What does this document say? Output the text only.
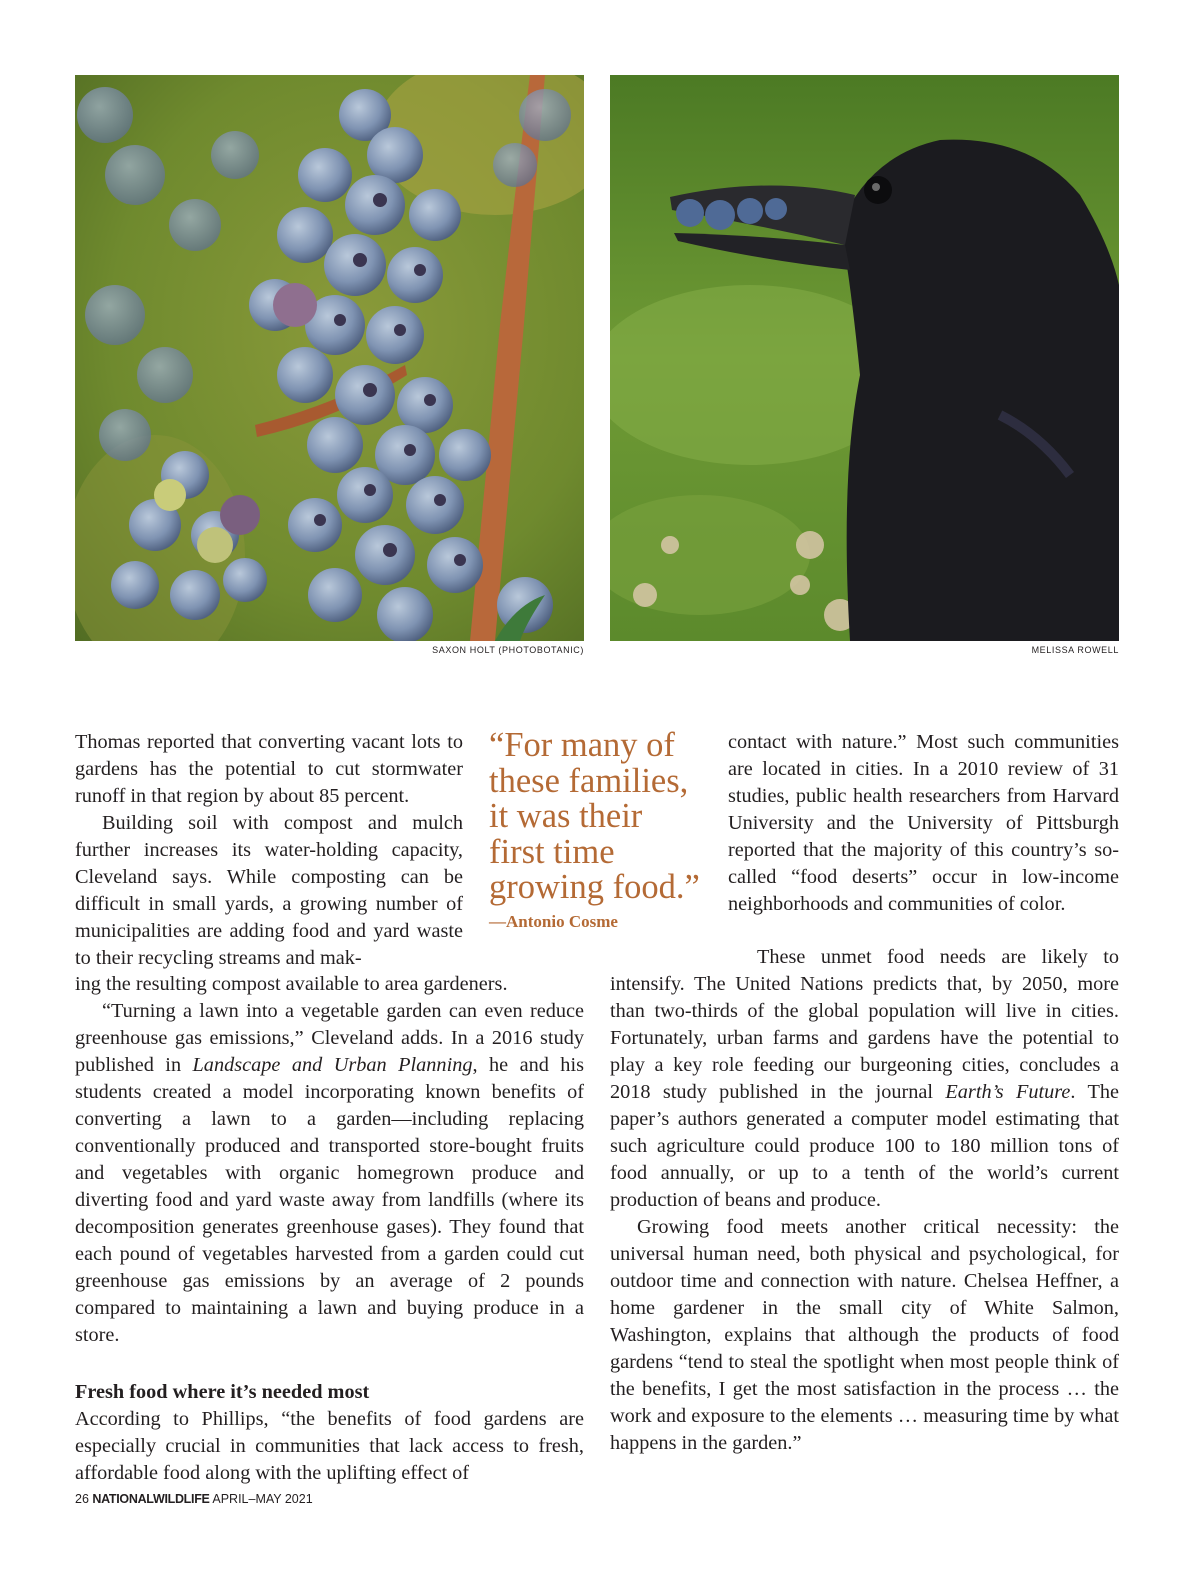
SAXON HOLT (PHOTOBOTANIC)	MELISSA ROWELL

Thomas reported that converting vacant lots to gardens has the potential to cut stormwater runoff in that region by about 85 percent.

Building soil with compost and mulch further increases its water-holding capacity, Cleveland says. While composting can be difficult in small yards, a growing number of municipalities are adding food and yard waste to their recycling streams and mak-

“For many of
these families,
it was their
first time
growing food.”
—Antonio Cosme

ing the resulting compost available to area gardeners.

“Turning a lawn into a vegetable garden can even reduce greenhouse gas emissions,” Cleveland adds. In a 2016 study published in Landscape and Urban Planning, he and his students created a model incorporating known benefits of converting a lawn to a garden—including replacing conventionally produced and transported store-bought fruits and vegetables with organic homegrown produce and diverting food and yard waste away from landfills (where its decomposition generates greenhouse gases). They found that each pound of vegetables harvested from a garden could cut greenhouse gas emissions by an average of 2 pounds compared to maintaining a lawn and buying produce in a store.

Fresh food where it’s needed most

According to Phillips, “the benefits of food gardens are especially crucial in communities that lack access to fresh, affordable food along with the uplifting effect of

contact with nature.” Most such communities are located in cities. In a 2010 review of 31 studies, public health researchers from Harvard University and the University of Pittsburgh reported that the majority of this country’s so-called “food deserts” occur in low-income neighborhoods and communities of color.

These unmet food needs are likely to intensify. The United Nations predicts that, by 2050, more than two-thirds of the global population will live in cities. Fortunately, urban farms and gardens have the potential to play a key role feeding our burgeoning cities, concludes a 2018 study published in the journal Earth’s Future. The paper’s authors generated a computer model estimating that such agriculture could produce 100 to 180 million tons of food annually, or up to a tenth of the world’s current production of beans and produce.

Growing food meets another critical necessity: the universal human need, both physical and psychological, for outdoor time and connection with nature. Chelsea Heffner, a home gardener in the small city of White Salmon, Washington, explains that although the products of food gardens “tend to steal the spotlight when most people think of the benefits, I get the most satisfaction in the process … the work and exposure to the elements … measuring time by what happens in the garden.”

26 NATIONALWILDLIFE APRIL–MAY 2021
